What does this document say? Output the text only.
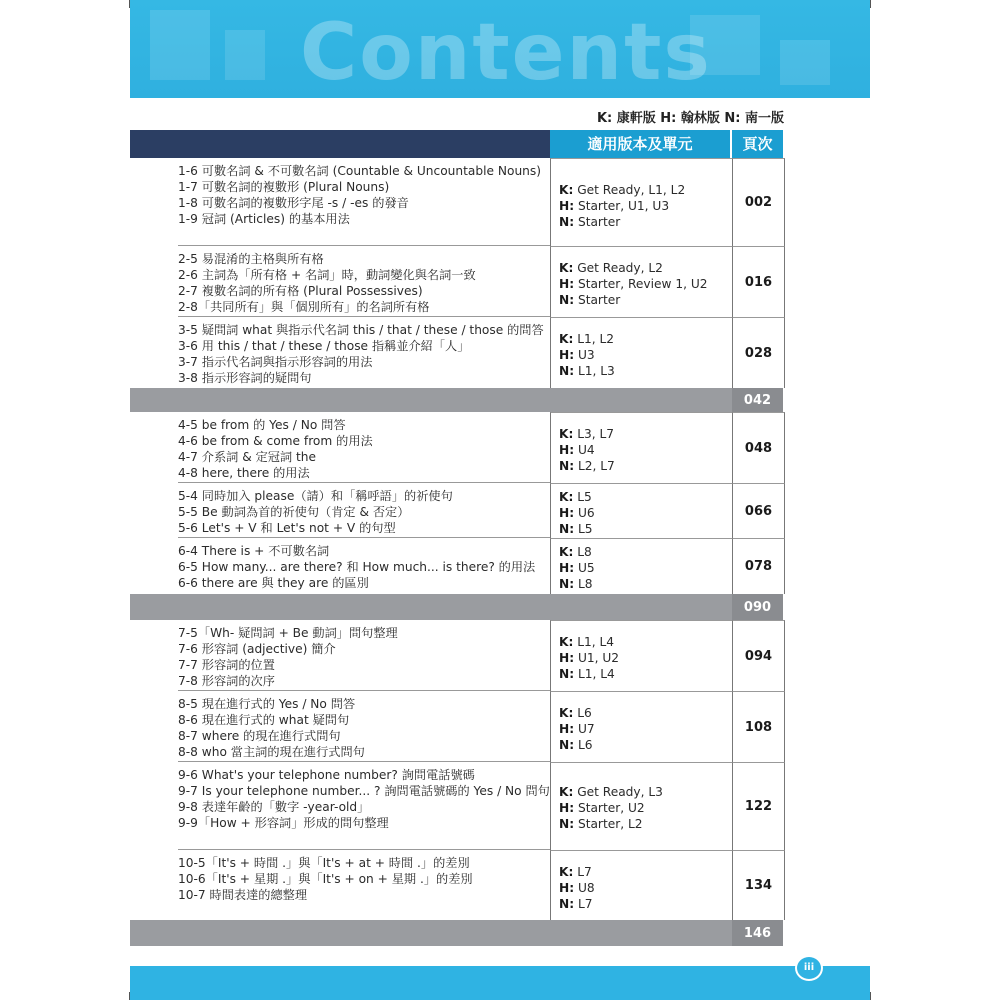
Contents
K: 康軒版 H: 翰林版 N: 南一版
適用版本及單元	頁次
1-6 可數名詞 & 不可數名詞 (Countable & Uncountable Nouns)
1-7 可數名詞的複數形 (Plural Nouns)
1-8 可數名詞的複數形字尾 -s / -es 的發音
1-9 冠詞 (Articles) 的基本用法
K: Get Ready, L1, L2
H: Starter, U1, U3
N: Starter
002
2-5 易混淆的主格與所有格
2-6 主詞為「所有格 + 名詞」時，動詞變化與名詞一致
2-7 複數名詞的所有格 (Plural Possessives)
2-8「共同所有」與「個別所有」的名詞所有格
K: Get Ready, L2
H: Starter, Review 1, U2
N: Starter
016
3-5 疑問詞 what 與指示代名詞 this / that / these / those 的問答
3-6 用 this / that / these / those 指稱並介紹「人」
3-7 指示代名詞與指示形容詞的用法
3-8 指示形容詞的疑問句
K: L1, L2
H: U3
N: L1, L3
028
042
4-5 be from 的 Yes / No 問答
4-6 be from & come from 的用法
4-7 介系詞 & 定冠詞 the
4-8 here, there 的用法
K: L3, L7
H: U4
N: L2, L7
048
5-4 同時加入 please（請）和「稱呼語」的祈使句
5-5 Be 動詞為首的祈使句（肯定 & 否定）
5-6 Let's + V 和 Let's not + V 的句型
K: L5
H: U6
N: L5
066
6-4 There is + 不可數名詞
6-5 How many... are there? 和 How much... is there? 的用法
6-6 there are 與 they are 的區別
K: L8
H: U5
N: L8
078
090
7-5「Wh- 疑問詞 + Be 動詞」問句整理
7-6 形容詞 (adjective) 簡介
7-7 形容詞的位置
7-8 形容詞的次序
K: L1, L4
H: U1, U2
N: L1, L4
094
8-5 現在進行式的 Yes / No 問答
8-6 現在進行式的 what 疑問句
8-7 where 的現在進行式問句
8-8 who 當主詞的現在進行式問句
K: L6
H: U7
N: L6
108
9-6 What's your telephone number? 詢問電話號碼
9-7 Is your telephone number... ? 詢問電話號碼的 Yes / No 問句
9-8 表達年齡的「數字 -year-old」
9-9「How + 形容詞」形成的問句整理
K: Get Ready, L3
H: Starter, U2
N: Starter, L2
122
10-5「It's + 時間 .」與「It's + at + 時間 .」的差別
10-6「It's + 星期 .」與「It's + on + 星期 .」的差別
10-7 時間表達的總整理
K: L7
H: U8
N: L7
134
146
iii
